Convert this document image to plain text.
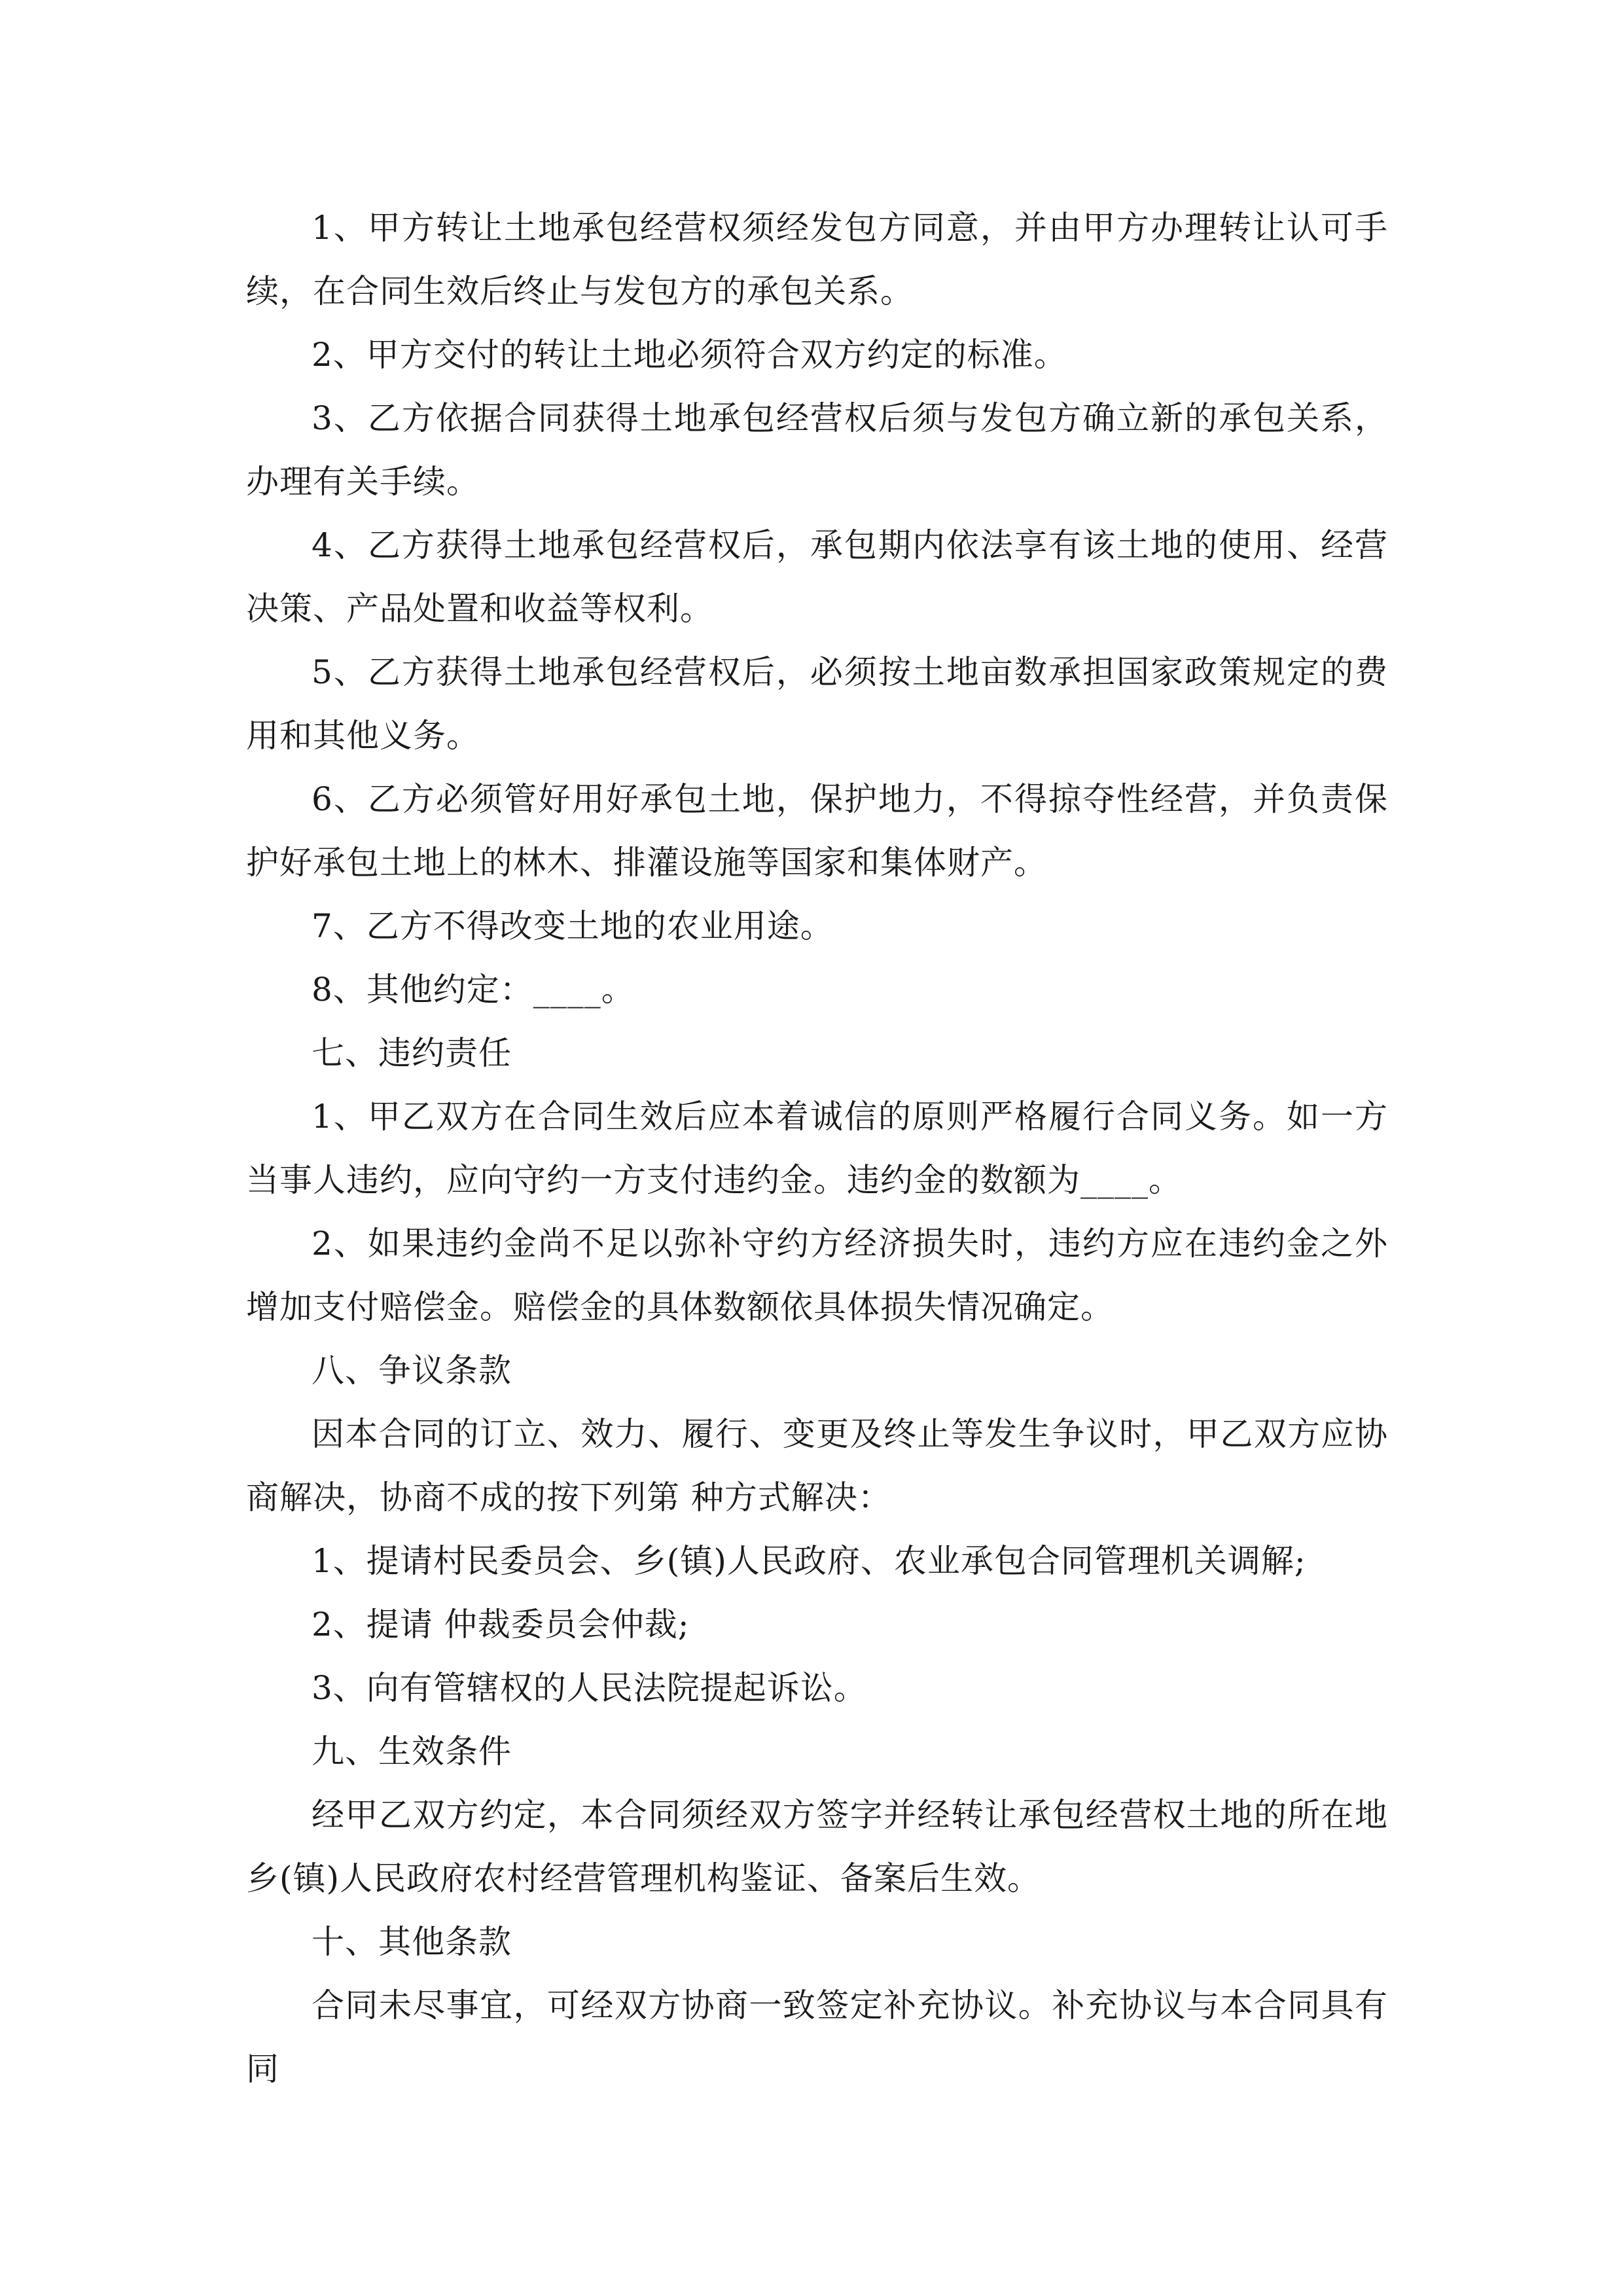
1、甲方转让土地承包经营权须经发包方同意，并由甲方办理转让认可手续，在合同生效后终止与发包方的承包关系。

2、甲方交付的转让土地必须符合双方约定的标准。

3、乙方依据合同获得土地承包经营权后须与发包方确立新的承包关系，办理有关手续。

4、乙方获得土地承包经营权后，承包期内依法享有该土地的使用、经营决策、产品处置和收益等权利。

5、乙方获得土地承包经营权后，必须按土地亩数承担国家政策规定的费用和其他义务。

6、乙方必须管好用好承包土地，保护地力，不得掠夺性经营，并负责保护好承包土地上的林木、排灌设施等国家和集体财产。

7、乙方不得改变土地的农业用途。

8、其他约定：____。

七、违约责任

1、甲乙双方在合同生效后应本着诚信的原则严格履行合同义务。如一方当事人违约，应向守约一方支付违约金。违约金的数额为____。

2、如果违约金尚不足以弥补守约方经济损失时，违约方应在违约金之外增加支付赔偿金。赔偿金的具体数额依具体损失情况确定。

八、争议条款

因本合同的订立、效力、履行、变更及终止等发生争议时，甲乙双方应协商解决，协商不成的按下列第 种方式解决：

1、提请村民委员会、乡(镇)人民政府、农业承包合同管理机关调解;

2、提请 仲裁委员会仲裁;

3、向有管辖权的人民法院提起诉讼。

九、生效条件

经甲乙双方约定，本合同须经双方签字并经转让承包经营权土地的所在地乡(镇)人民政府农村经营管理机构鉴证、备案后生效。

十、其他条款

合同未尽事宜，可经双方协商一致签定补充协议。补充协议与本合同具有同
